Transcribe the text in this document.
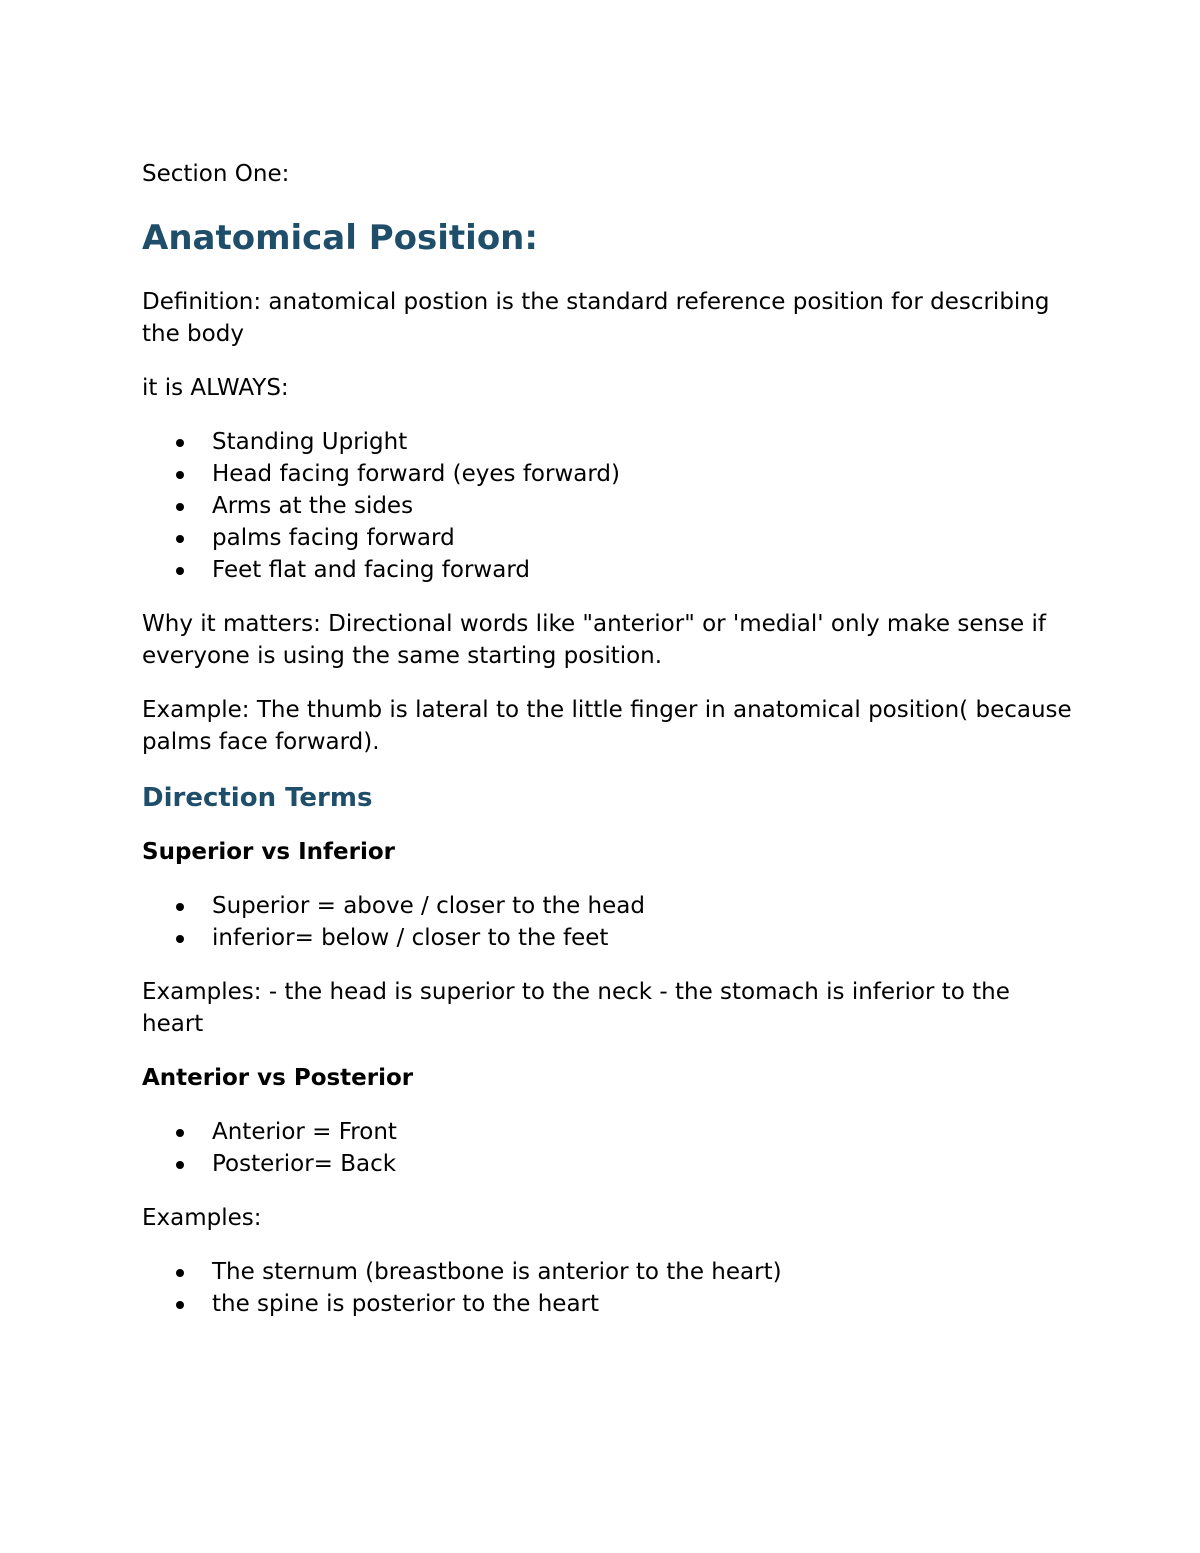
Section One:

Anatomical Position:

Definition: anatomical postion is the standard reference position for describing the body

it is ALWAYS:

Standing Upright
Head facing forward (eyes forward)
Arms at the sides
palms facing forward
Feet flat and facing forward

Why it matters: Directional words like "anterior" or 'medial' only make sense if everyone is using the same starting position.

Example: The thumb is lateral to the little finger in anatomical position( because palms face forward).

Direction Terms
Superior vs Inferior
Superior = above / closer to the head
inferior= below / closer to the feet

Examples: - the head is superior to the neck - the stomach is inferior to the heart

Anterior vs Posterior
Anterior = Front
Posterior= Back

Examples:

The sternum (breastbone is anterior to the heart)
the spine is posterior to the heart
